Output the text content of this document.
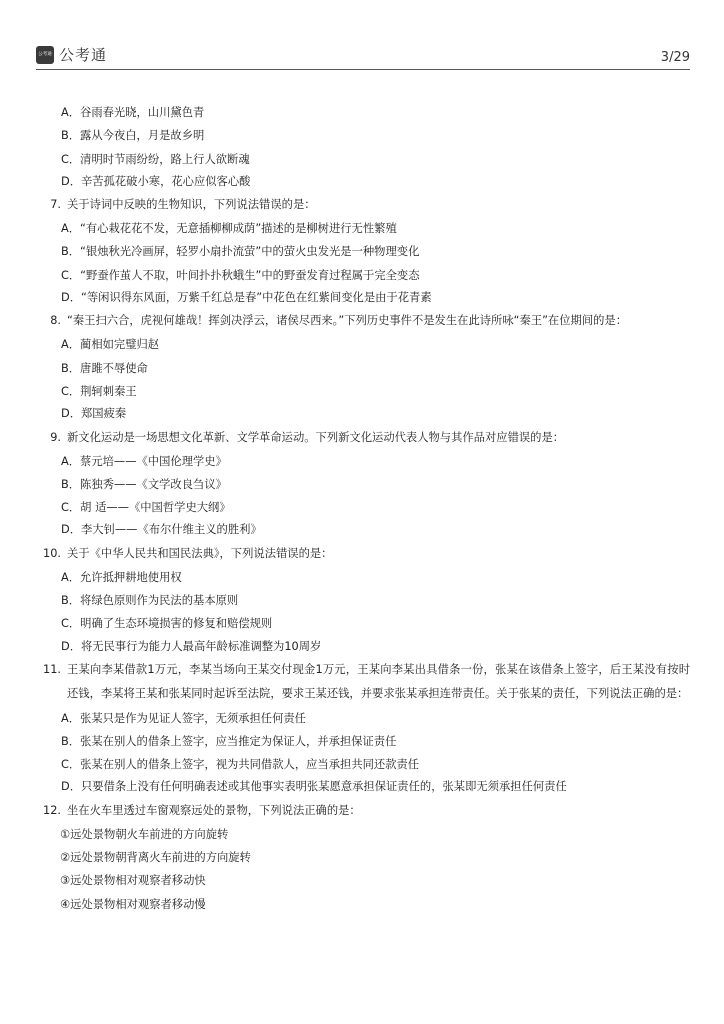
公考通 公考通	3/29
A．谷雨春光晓，山川黛色青
B．露从今夜白，月是故乡明
C．清明时节雨纷纷，路上行人欲断魂
D．辛苦孤花破小寒，花心应似客心酸
7. 关于诗词中反映的生物知识，下列说法错误的是：

A．“有心栽花花不发，无意插柳柳成荫”描述的是柳树进行无性繁殖
B．“银烛秋光冷画屏，轻罗小扇扑流萤”中的萤火虫发光是一种物理变化
C．“野蚕作茧人不取，叶间扑扑秋蛾生”中的野蚕发育过程属于完全变态
D．“等闲识得东风面，万紫千红总是春”中花色在红紫间变化是由于花青素
8. “秦王扫六合，虎视何雄哉！挥剑决浮云，诸侯尽西来。”下列历史事件不是发生在此诗所咏“秦王”在位期间的是：

A．蔺相如完璧归赵
B．唐雎不辱使命
C．荆轲刺秦王
D．郑国疲秦
9. 新文化运动是一场思想文化革新、文学革命运动。下列新文化运动代表人物与其作品对应错误的是：

A．蔡元培——《中国伦理学史》
B．陈独秀——《文学改良刍议》
C．胡 适——《中国哲学史大纲》
D．李大钊——《布尔什维主义的胜利》
10. 关于《中华人民共和国民法典》，下列说法错误的是：

A．允许抵押耕地使用权
B．将绿色原则作为民法的基本原则
C．明确了生态环境损害的修复和赔偿规则
D．将无民事行为能力人最高年龄标准调整为10周岁
11. 王某向李某借款1万元，李某当场向王某交付现金1万元，王某向李某出具借条一份，张某在该借条上签字，后王某没有按时还钱，李某将王某和张某同时起诉至法院，要求王某还钱，并要求张某承担连带责任。关于张某的责任，下列说法正确的是：

A．张某只是作为见证人签字，无须承担任何责任
B．张某在别人的借条上签字，应当推定为保证人，并承担保证责任
C．张某在别人的借条上签字，视为共同借款人，应当承担共同还款责任
D．只要借条上没有任何明确表述或其他事实表明张某愿意承担保证责任的，张某即无须承担任何责任
12. 坐在火车里透过车窗观察远处的景物，下列说法正确的是：

①远处景物朝火车前进的方向旋转
②远处景物朝背离火车前进的方向旋转
③远处景物相对观察者移动快
④远处景物相对观察者移动慢
